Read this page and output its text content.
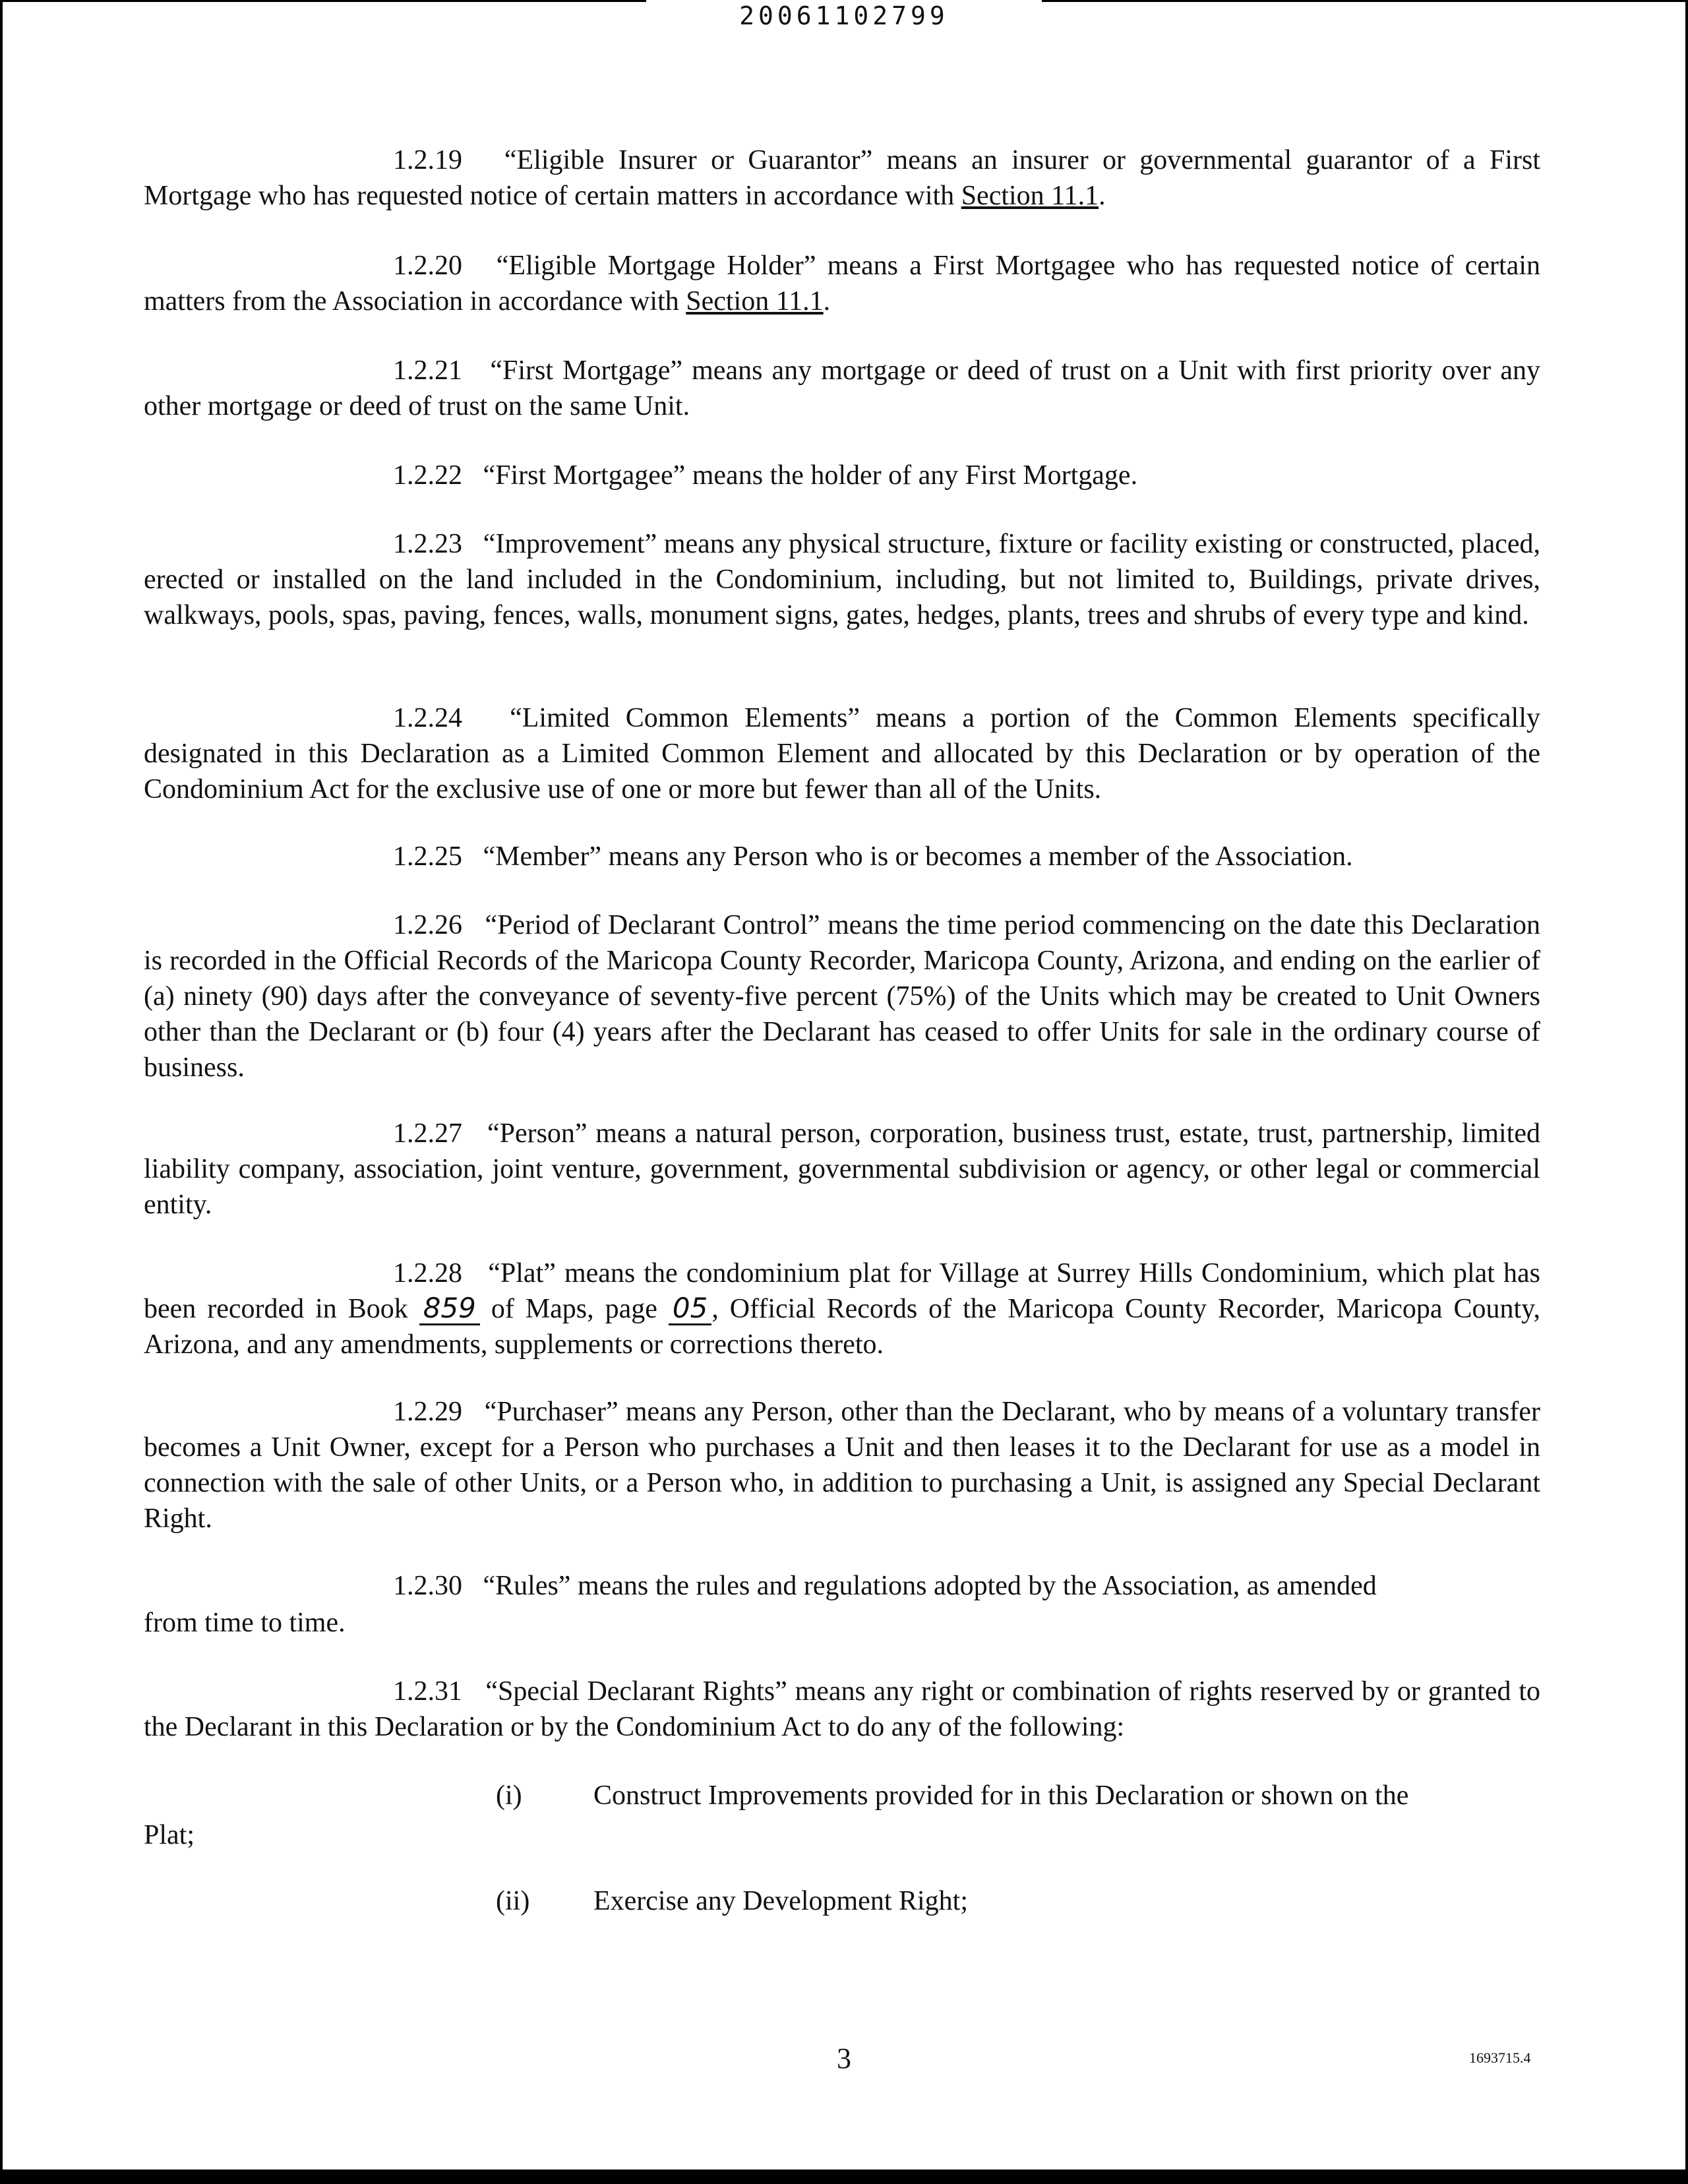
20061102799

1.2.19 “Eligible Insurer or Guarantor” means an insurer or governmental guarantor of a First Mortgage who has requested notice of certain matters in accordance with Section 11.1.

1.2.20 “Eligible Mortgage Holder” means a First Mortgagee who has requested notice of certain matters from the Association in accordance with Section 11.1.

1.2.21 “First Mortgage” means any mortgage or deed of trust on a Unit with first priority over any other mortgage or deed of trust on the same Unit.

1.2.22 “First Mortgagee” means the holder of any First Mortgage.

1.2.23 “Improvement” means any physical structure, fixture or facility existing or constructed, placed, erected or installed on the land included in the Condominium, including, but not limited to, Buildings, private drives, walkways, pools, spas, paving, fences, walls, monument signs, gates, hedges, plants, trees and shrubs of every type and kind.

1.2.24 “Limited Common Elements” means a portion of the Common Elements specifically designated in this Declaration as a Limited Common Element and allocated by this Declaration or by operation of the Condominium Act for the exclusive use of one or more but fewer than all of the Units.

1.2.25 “Member” means any Person who is or becomes a member of the Association.

1.2.26 “Period of Declarant Control” means the time period commencing on the date this Declaration is recorded in the Official Records of the Maricopa County Recorder, Maricopa County, Arizona, and ending on the earlier of (a) ninety (90) days after the conveyance of seventy-five percent (75%) of the Units which may be created to Unit Owners other than the Declarant or (b) four (4) years after the Declarant has ceased to offer Units for sale in the ordinary course of business.

1.2.27 “Person” means a natural person, corporation, business trust, estate, trust, partnership, limited liability company, association, joint venture, government, governmental subdivision or agency, or other legal or commercial entity.

1.2.28 “Plat” means the condominium plat for Village at Surrey Hills Condominium, which plat has been recorded in Book 859 of Maps, page 05 , Official Records of the Maricopa County Recorder, Maricopa County, Arizona, and any amendments, supplements or corrections thereto.

1.2.29 “Purchaser” means any Person, other than the Declarant, who by means of a voluntary transfer becomes a Unit Owner, except for a Person who purchases a Unit and then leases it to the Declarant for use as a model in connection with the sale of other Units, or a Person who, in addition to purchasing a Unit, is assigned any Special Declarant Right.

1.2.30 “Rules” means the rules and regulations adopted by the Association, as amended

from time to time.

1.2.31 “Special Declarant Rights” means any right or combination of rights reserved by or granted to the Declarant in this Declaration or by the Condominium Act to do any of the following:

(i)	Construct Improvements provided for in this Declaration or shown on the
Plat;
(ii) Exercise any Development Right;
3	1693715.4
